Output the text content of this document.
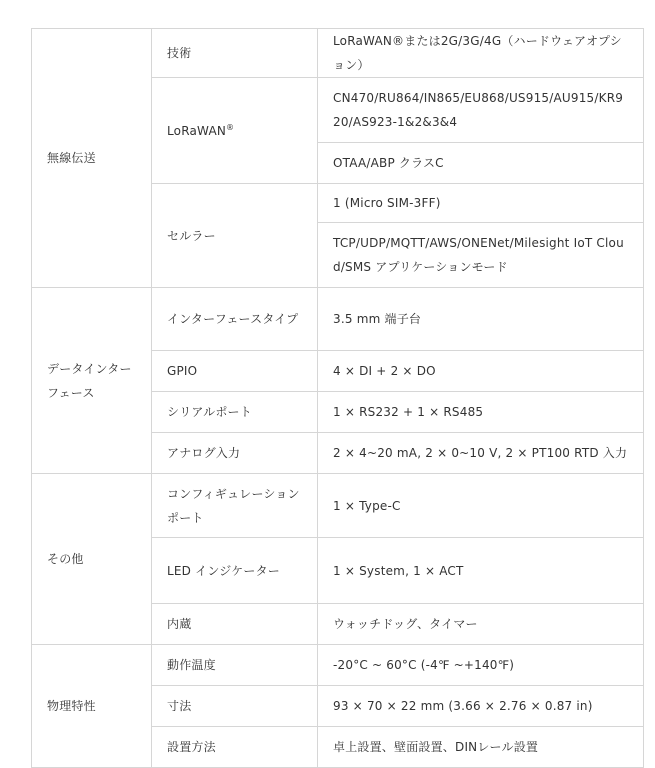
無線伝送	技術	LoRaWAN®または2G/3G/4G（ハードウェアオプション）
	LoRaWAN®	CN470/RU864/IN865/EU868/US915/AU915/KR920/AS923-1&2&3&4
		OTAA/ABP クラスC
	セルラー	1 (Micro SIM-3FF)
		TCP/UDP/MQTT/AWS/ONENet/Milesight IoT Cloud/SMS アプリケーションモード
データインターフェース	インターフェースタイプ	3.5 mm 端子台
	GPIO	4 × DI + 2 × DO
	シリアルポート	1 × RS232 + 1 × RS485
	アナログ入力	2 × 4~20 mA, 2 × 0~10 V, 2 × PT100 RTD 入力
その他	コンフィギュレーションポート	1 × Type-C
	LED インジケーター	1 × System, 1 × ACT
	内蔵	ウォッチドッグ、タイマー
物理特性	動作温度	-20°C ~ 60°C (-4℉ ~+140℉)
	寸法	93 × 70 × 22 mm (3.66 × 2.76 × 0.87 in)
	設置方法	卓上設置、壁面設置、DINレール設置
